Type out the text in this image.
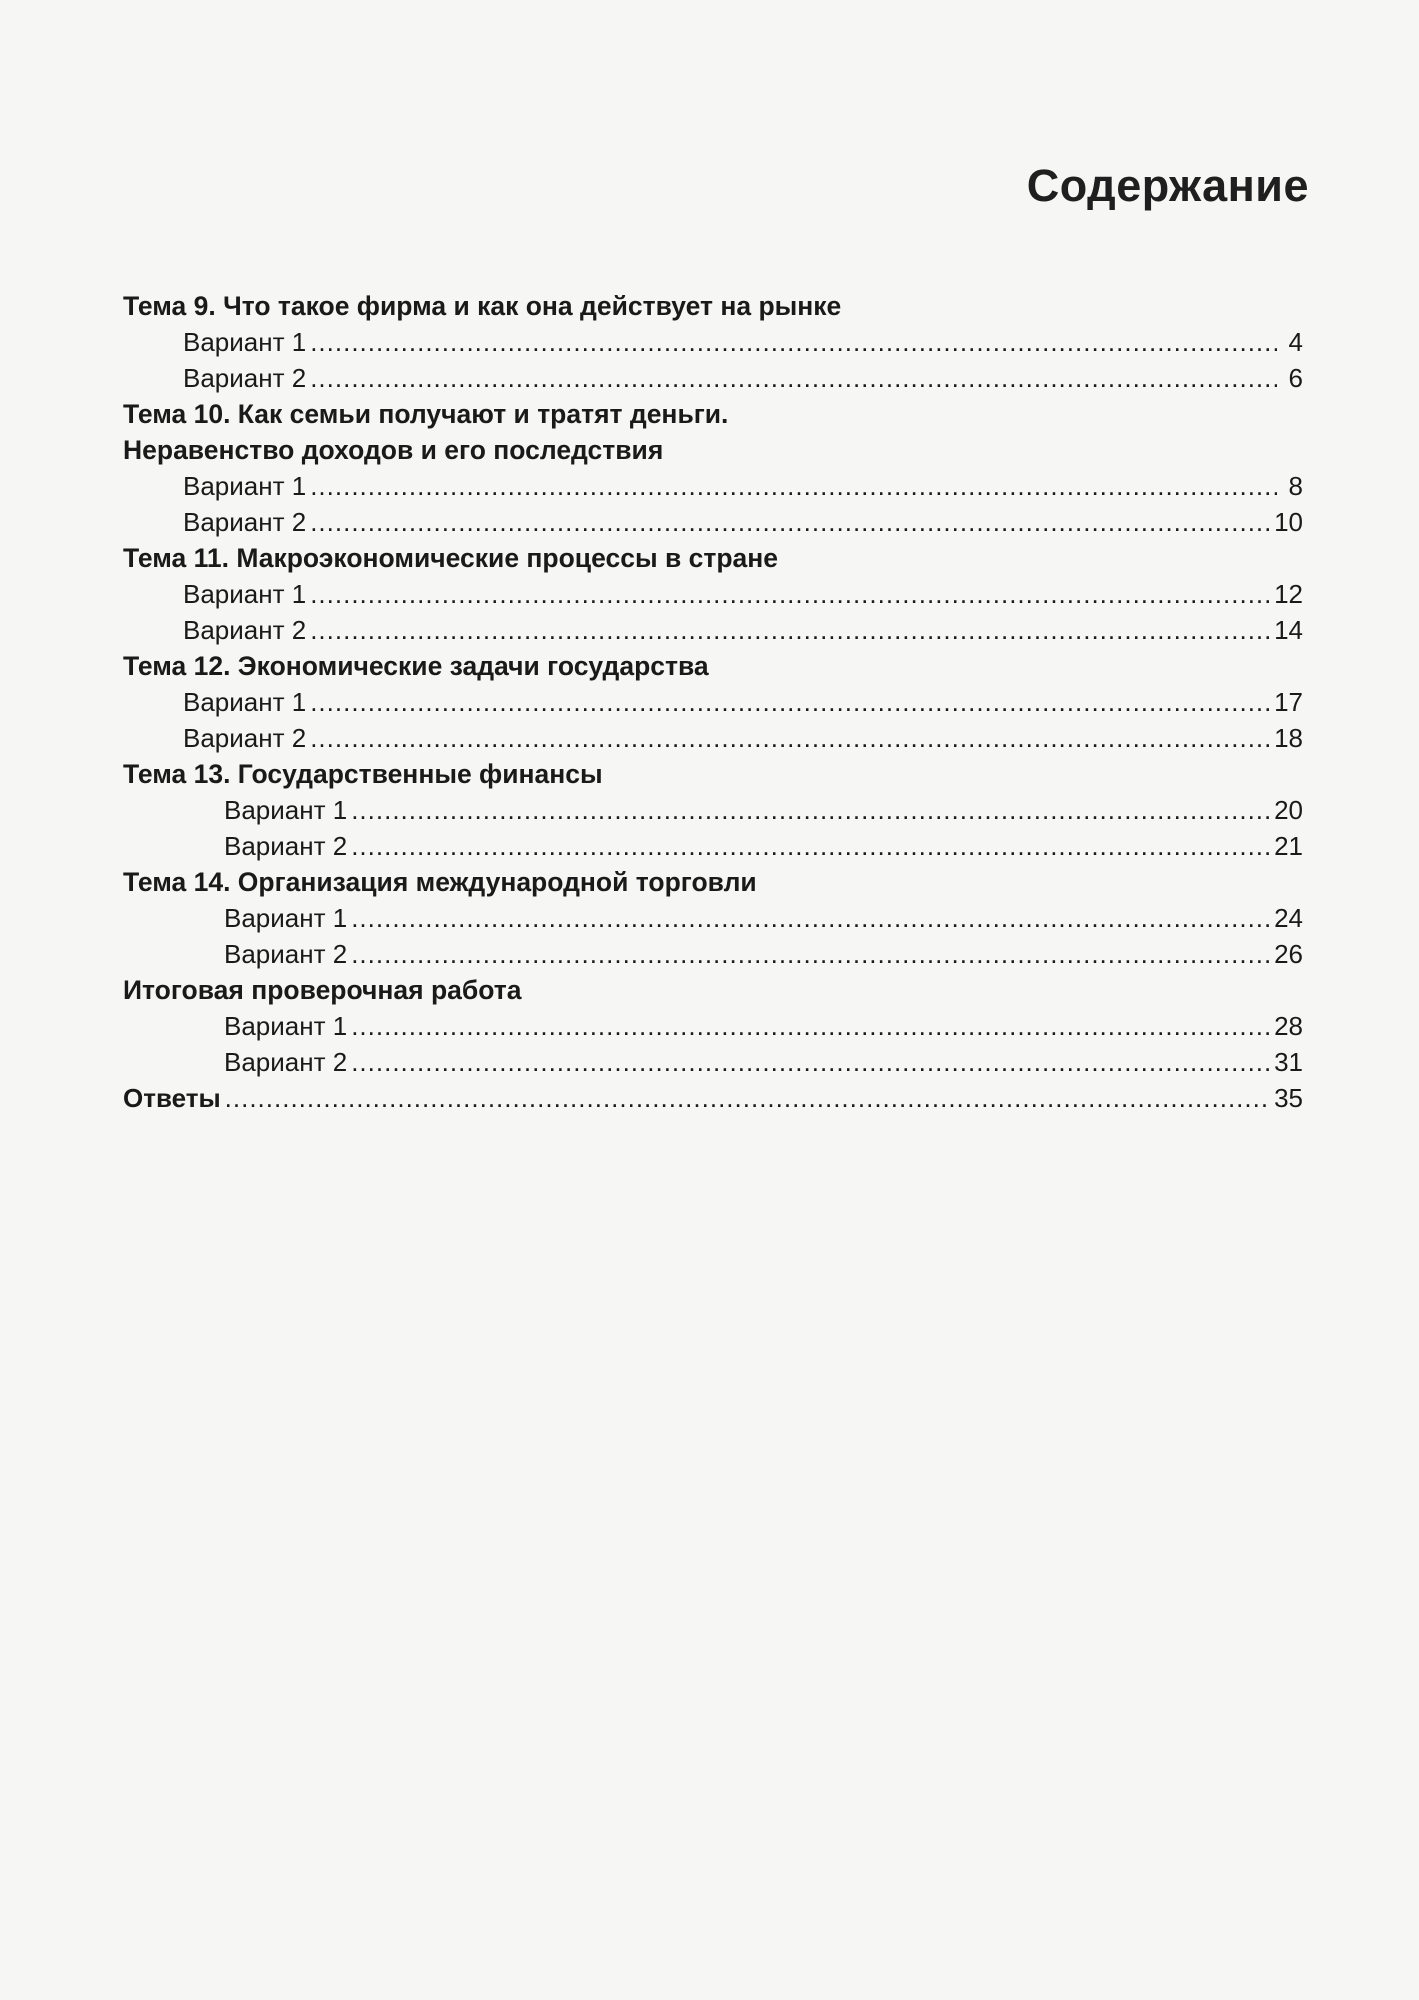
Содержание
Тема 9. Что такое фирма и как она действует на рынке
Вариант 1 .....	4
Вариант 2 .....	6
Тема 10. Как семьи получают и тратят деньги.
Неравенство доходов и его последствия
Вариант 1 .....	8
Вариант 2 .....	10
Тема 11. Макроэкономические процессы в стране
Вариант 1 .....	12
Вариант 2 .....	14
Тема 12. Экономические задачи государства
Вариант 1 .....	17
Вариант 2 .....	18
Тема 13. Государственные финансы
Вариант 1 .....	20
Вариант 2 .....	21
Тема 14. Организация международной торговли
Вариант 1 .....	24
Вариант 2 .....	26
Итоговая проверочная работа
Вариант 1 .....	28
Вариант 2 .....	31
Ответы .....	35
